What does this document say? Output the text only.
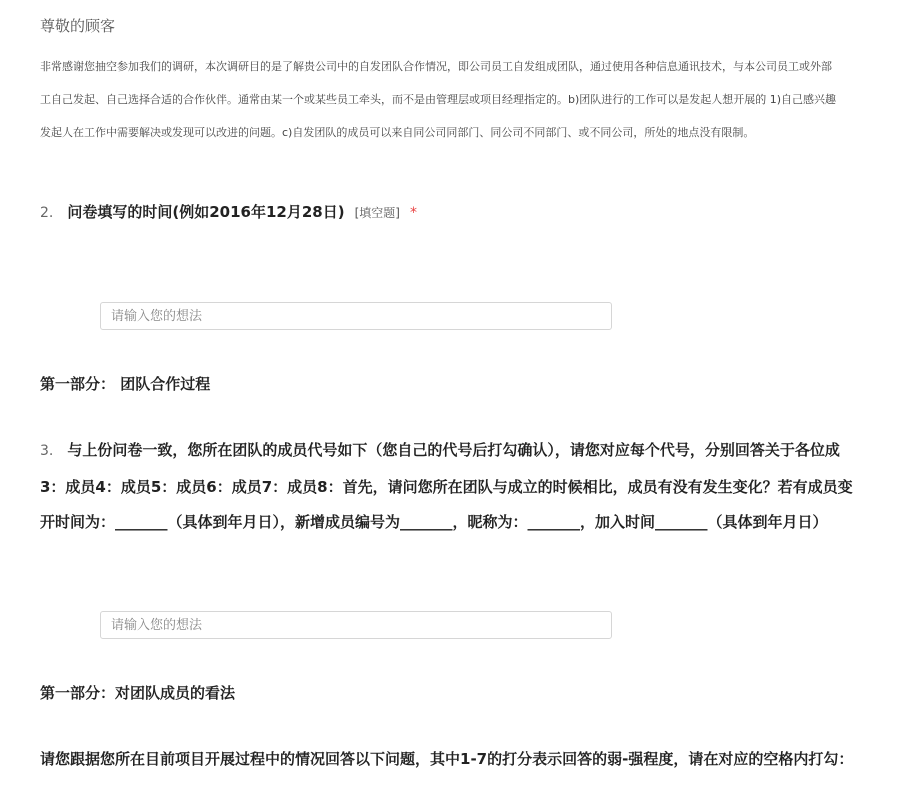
尊敬的顾客
非常感谢您抽空参加我们的调研，本次调研目的是了解贵公司中的自发团队合作情况，即公司员工自发组成团队，通过使用各种信息通讯技术，与本公司员工或外部
工自己发起、自己选择合适的合作伙伴。通常由某一个或某些员工牵头，而不是由管理层或项目经理指定的。b)团队进行的工作可以是发起人想开展的 1)自己感兴趣
发起人在工作中需要解决或发现可以改进的问题。c)自发团队的成员可以来自同公司同部门、同公司不同部门、或不同公司，所处的地点没有限制。
2. 问卷填写的时间(例如2016年12月28日) [填空题] *
请输入您的想法
第一部分： 团队合作过程
3. 与上份问卷一致，您所在团队的成员代号如下（您自己的代号后打勾确认），请您对应每个代号，分别回答关于各位成
3：成员4：成员5：成员6：成员7：成员8：首先，请问您所在团队与成立的时候相比，成员有没有发生变化？若有成员变
开时间为：_______（具体到年月日），新增成员编号为_______，昵称为：_______，加入时间_______（具体到年月日）
请输入您的想法
第一部分：对团队成员的看法
请您跟据您所在目前项目开展过程中的情况回答以下问题，其中1-7的打分表示回答的弱-强程度，请在对应的空格内打勾：
